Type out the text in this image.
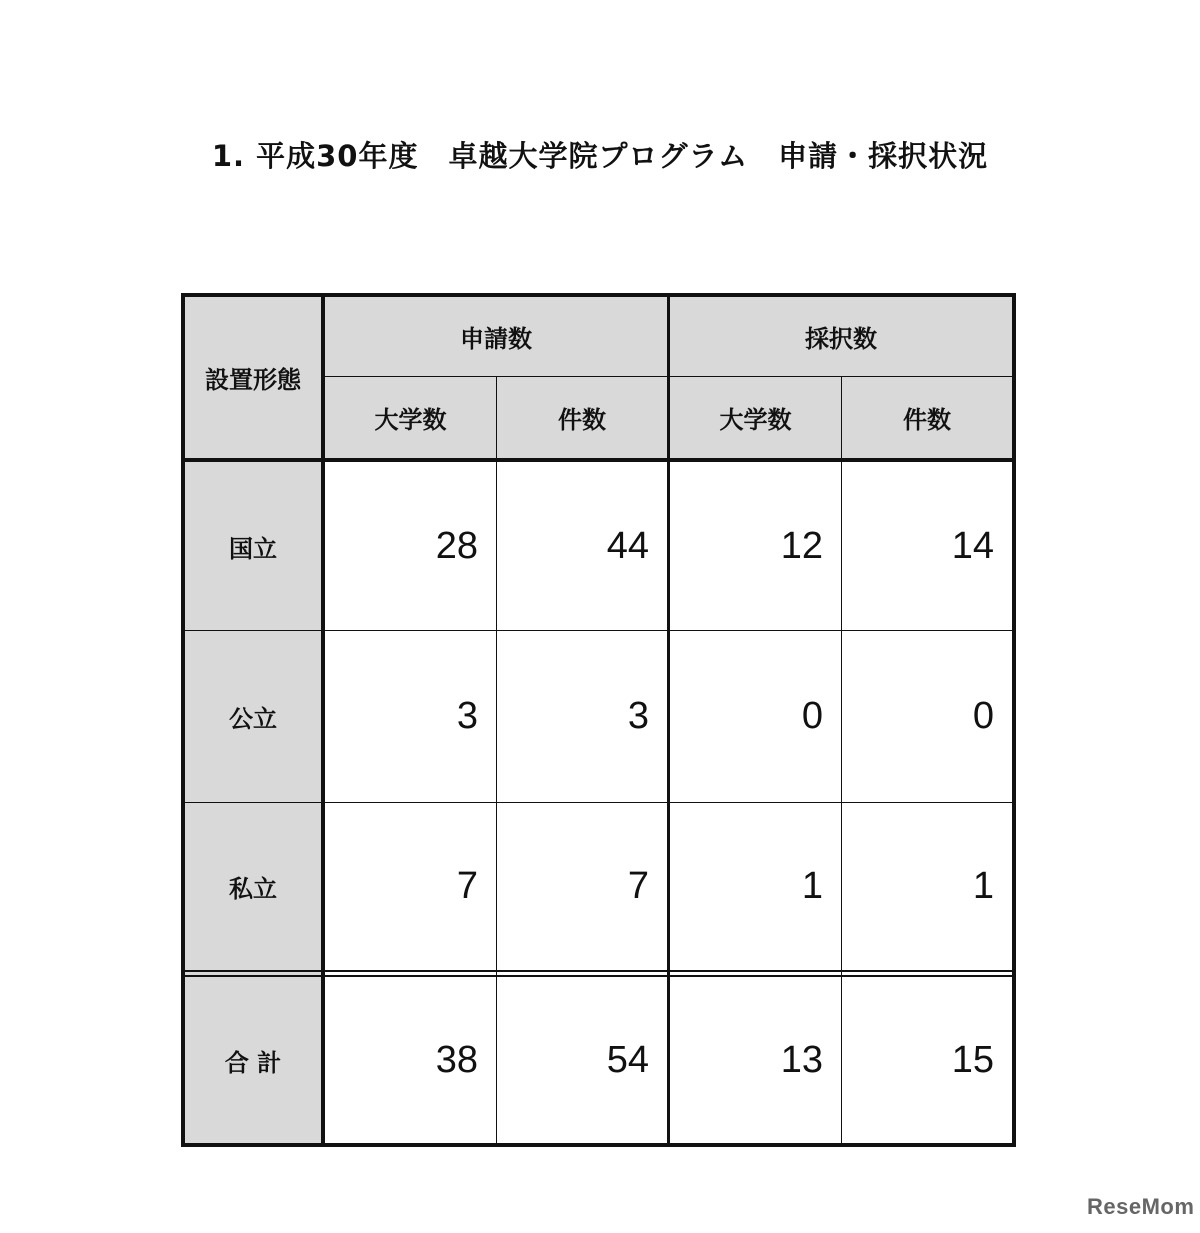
1. 平成30年度　卓越大学院プログラム　申請・採択状況
設置形態
申請数	採択数
大学数	件数	大学数	件数
国立	28	44	12	14
公立	3	3	0	0
私立	7	7	1	1
合 計	38	54	13	15
ReseMom
